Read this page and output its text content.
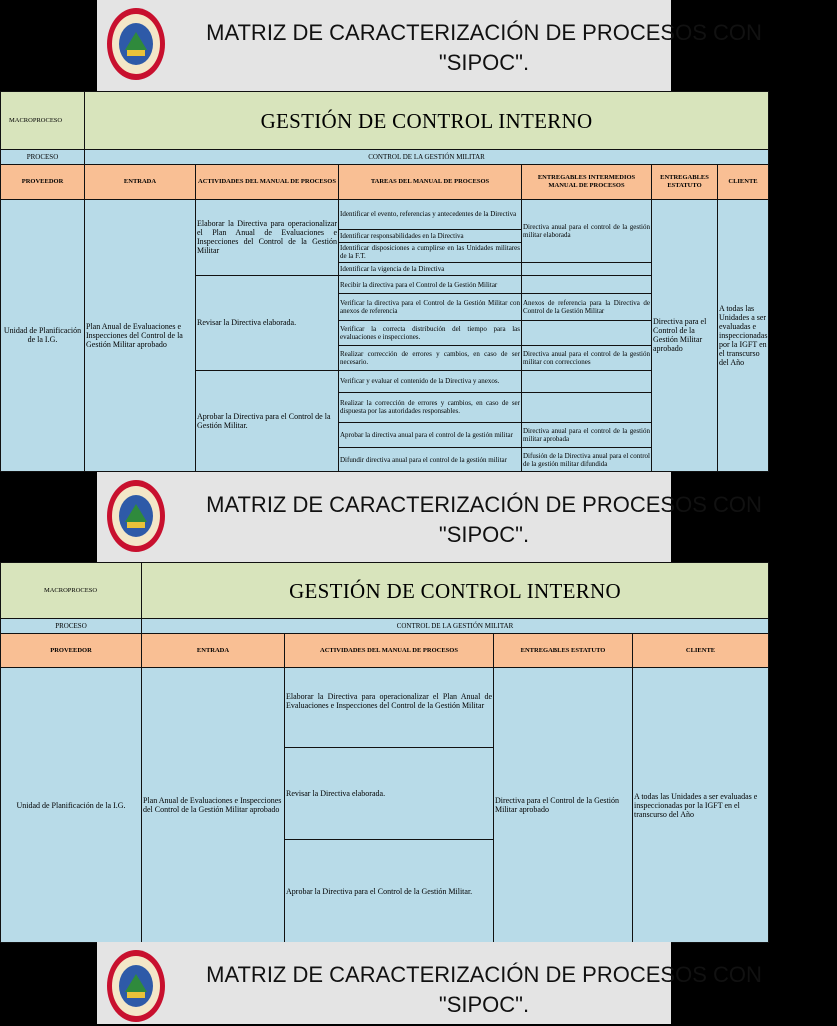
MATRIZ DE CARACTERIZACIÓN DE PROCESOS CON
"SIPOC".
MACROPROCESO	GESTIÓN DE CONTROL INTERNO					
PROCESO	CONTROL DE LA GESTIÓN MILITAR					
PROVEEDOR	ENTRADA	ACTIVIDADES DEL MANUAL DE PROCESOS	TAREAS DEL MANUAL DE PROCESOS	ENTREGABLES INTERMEDIOS MANUAL DE PROCESOS	ENTREGABLES ESTATUTO	CLIENTE
Unidad de Planificación de la I.G.	Plan Anual de Evaluaciones e Inspecciones del Control de la Gestión Militar aprobado	Elaborar la Directiva para operacionalizar el Plan Anual de Evaluaciones e Inspecciones del Control de la Gestión Militar	Identificar el evento, referencias y antecedentes de la Directiva	Directiva anual para el control de la gestión militar elaborada	Directiva para el Control de la Gestión Militar aprobado	A todas las Unidades a ser evaluadas e inspeccionadas por la IGFT en el transcurso del Año
			Identificar responsabilidades en la Directiva			
			Identificar disposiciones a cumplirse en las Unidades militares de la F.T.			
			Identificar la vigencia de la Directiva			
		Revisar la Directiva elaborada.	Recibir la directiva para el Control de la Gestión Militar			
			Verificar la directiva para el Control de la Gestión Militar con anexos de referencia	Anexos de referencia para la Directiva de Control de la Gestión Militar		
			Verificar la correcta distribución del tiempo para las evaluaciones e inspecciones.			
			Realizar corrección de errores y cambios, en caso de ser necesario.	Directiva anual para el control de la gestión militar con correcciones		
		Aprobar la Directiva para el Control de la Gestión Militar.	Verificar y evaluar el contenido de la Directiva y anexos.			
			Realizar la corrección de errores y cambios, en caso de ser dispuesta por las autoridades responsables.			
			Aprobar la directiva anual para el control de la gestión militar	Directiva anual para el control de la gestión militar aprobada		
			Difundir directiva anual para el control de la gestión militar	Difusión de la Directiva anual para el control de la gestión militar difundida		
MATRIZ DE CARACTERIZACIÓN DE PROCESOS CON
"SIPOC".
MACROPROCESO	GESTIÓN DE CONTROL INTERNO			
PROCESO	CONTROL DE LA GESTIÓN MILITAR			
PROVEEDOR	ENTRADA	ACTIVIDADES DEL MANUAL DE PROCESOS	ENTREGABLES ESTATUTO	CLIENTE
Unidad de Planificación de la I.G.	Plan Anual de Evaluaciones e Inspecciones del Control de la Gestión Militar aprobado	Elaborar la Directiva para operacionalizar el Plan Anual de Evaluaciones e Inspecciones del Control de la Gestión Militar	Directiva para el Control de la Gestión Militar aprobado	A todas las Unidades a ser evaluadas e inspeccionadas por la IGFT en el transcurso del Año
		Revisar la Directiva elaborada.		
		Aprobar la Directiva para el Control de la Gestión Militar.		
MATRIZ DE CARACTERIZACIÓN DE PROCESOS CON
"SIPOC".
